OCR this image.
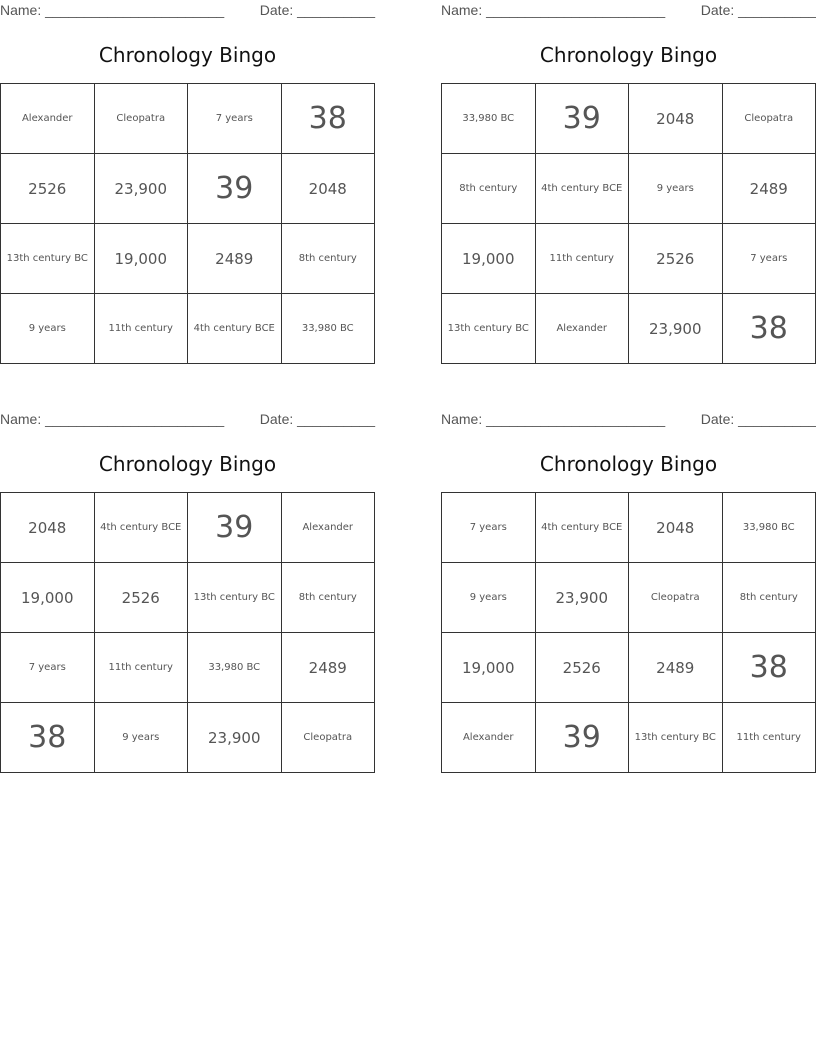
Name: _______________________	Date: __________
Chronology Bingo
Alexander	Cleopatra	7 years	38
2526	23,900	39	2048
13th century BC	19,000	2489	8th century
9 years	11th century	4th century BCE	33,980 BC
Name: _______________________	Date: __________
Chronology Bingo
33,980 BC	39	2048	Cleopatra
8th century	4th century BCE	9 years	2489
19,000	11th century	2526	7 years
13th century BC	Alexander	23,900	38
Name: _______________________	Date: __________
Chronology Bingo
2048	4th century BCE	39	Alexander
19,000	2526	13th century BC	8th century
7 years	11th century	33,980 BC	2489
38	9 years	23,900	Cleopatra
Name: _______________________	Date: __________
Chronology Bingo
7 years	4th century BCE	2048	33,980 BC
9 years	23,900	Cleopatra	8th century
19,000	2526	2489	38
Alexander	39	13th century BC	11th century
